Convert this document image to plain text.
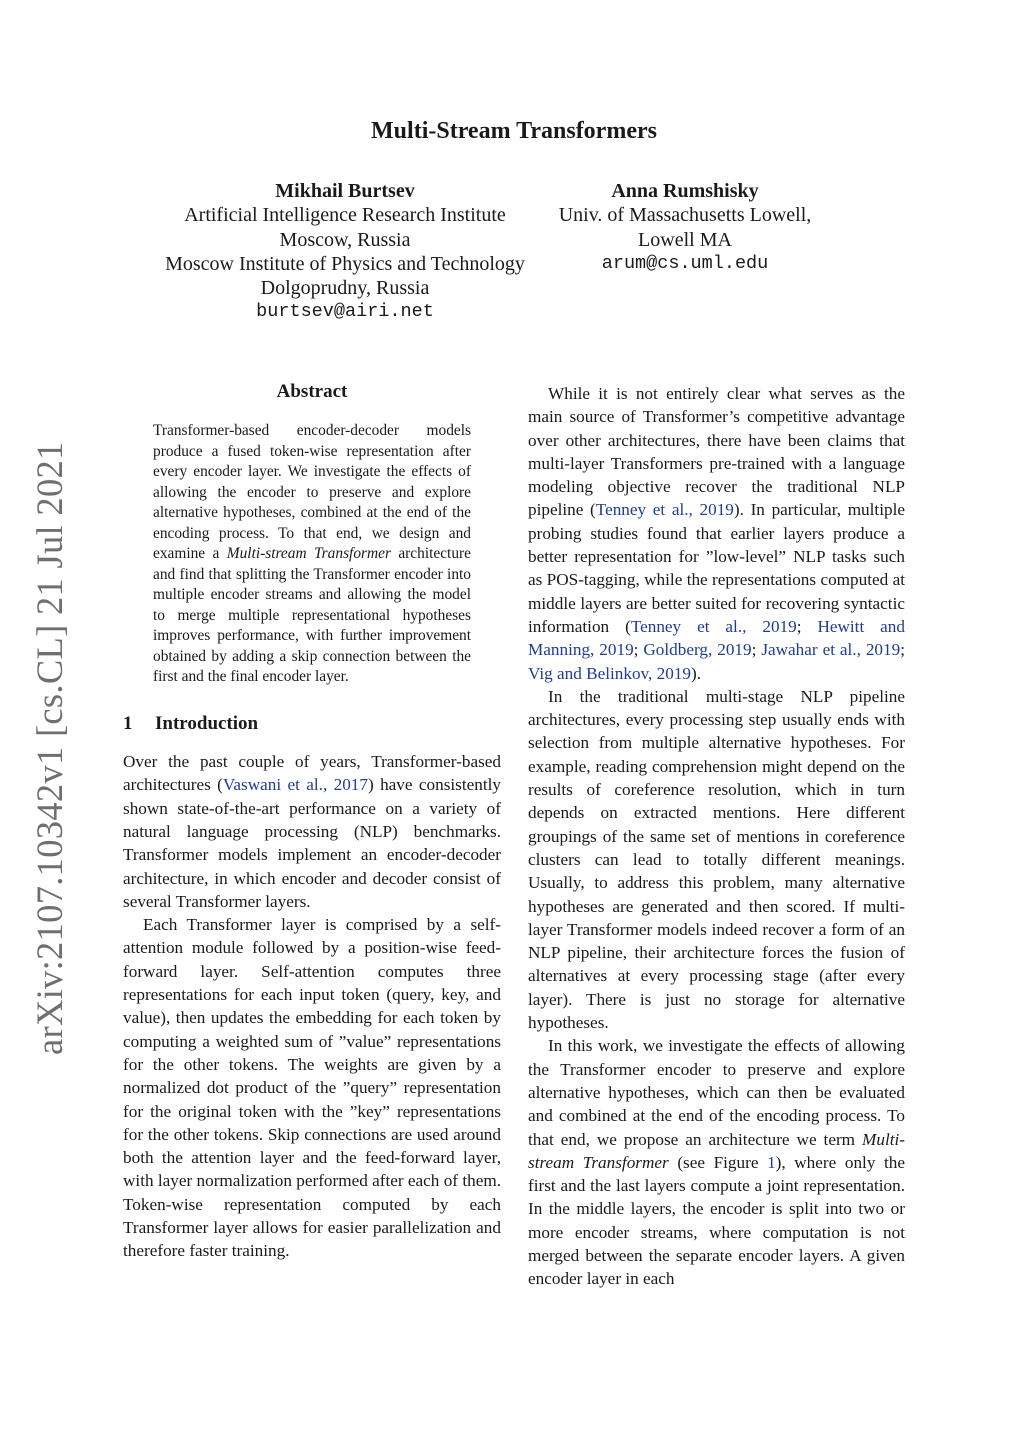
arXiv:2107.10342v1 [cs.CL] 21 Jul 2021
Multi-Stream Transformers
Mikhail Burtsev
Artificial Intelligence Research Institute
Moscow, Russia
Moscow Institute of Physics and Technology
Dolgoprudny, Russia
burtsev@airi.net
Anna Rumshisky
Univ. of Massachusetts Lowell,
Lowell MA
arum@cs.uml.edu
Abstract

Transformer-based encoder-decoder models produce a fused token-wise representation after every encoder layer. We investigate the effects of allowing the encoder to preserve and explore alternative hypotheses, combined at the end of the encoding process. To that end, we design and examine a Multi-stream Transformer architecture and find that splitting the Transformer encoder into multiple encoder streams and allowing the model to merge multiple representational hypotheses improves performance, with further improvement obtained by adding a skip connection between the first and the final encoder layer.

1 Introduction

Over the past couple of years, Transformer-based architectures (Vaswani et al., 2017) have consistently shown state-of-the-art performance on a variety of natural language processing (NLP) benchmarks. Transformer models implement an encoder-decoder architecture, in which encoder and decoder consist of several Transformer layers.

Each Transformer layer is comprised by a self-attention module followed by a position-wise feed-forward layer. Self-attention computes three representations for each input token (query, key, and value), then updates the embedding for each token by computing a weighted sum of ”value” representations for the other tokens. The weights are given by a normalized dot product of the ”query” representation for the original token with the ”key” representations for the other tokens. Skip connections are used around both the attention layer and the feed-forward layer, with layer normalization performed after each of them. Token-wise representation computed by each Transformer layer allows for easier parallelization and therefore faster training.

While it is not entirely clear what serves as the main source of Transformer’s competitive advantage over other architectures, there have been claims that multi-layer Transformers pre-trained with a language modeling objective recover the traditional NLP pipeline (Tenney et al., 2019). In particular, multiple probing studies found that earlier layers produce a better representation for ”low-level” NLP tasks such as POS-tagging, while the representations computed at middle layers are better suited for recovering syntactic information (Tenney et al., 2019; Hewitt and Manning, 2019; Goldberg, 2019; Jawahar et al., 2019; Vig and Belinkov, 2019).

In the traditional multi-stage NLP pipeline architectures, every processing step usually ends with selection from multiple alternative hypotheses. For example, reading comprehension might depend on the results of coreference resolution, which in turn depends on extracted mentions. Here different groupings of the same set of mentions in coreference clusters can lead to totally different meanings. Usually, to address this problem, many alternative hypotheses are generated and then scored. If multi-layer Transformer models indeed recover a form of an NLP pipeline, their architecture forces the fusion of alternatives at every processing stage (after every layer). There is just no storage for alternative hypotheses.

In this work, we investigate the effects of allowing the Transformer encoder to preserve and explore alternative hypotheses, which can then be evaluated and combined at the end of the encoding process. To that end, we propose an architecture we term Multi-stream Transformer (see Figure 1), where only the first and the last layers compute a joint representation. In the middle layers, the encoder is split into two or more encoder streams, where computation is not merged between the separate encoder layers. A given encoder layer in each
